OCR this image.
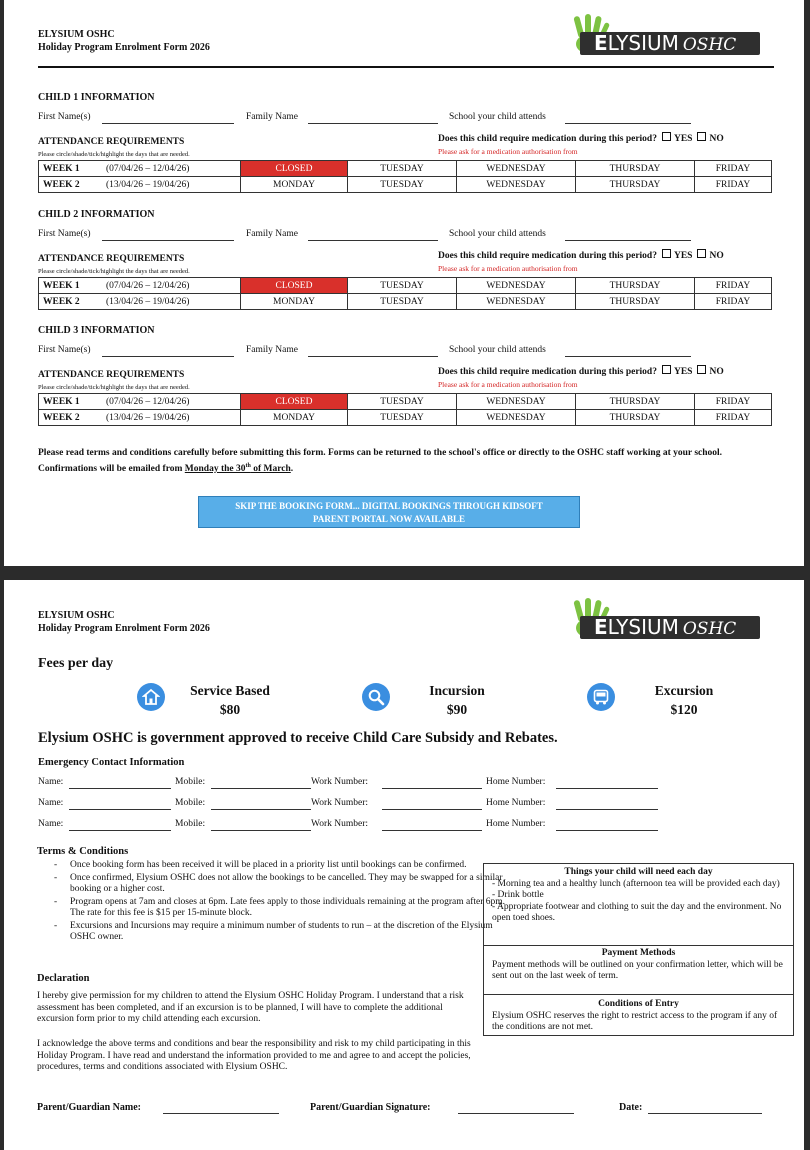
ELYSIUM OSHC
Holiday Program Enrolment Form 2026	ELYSIUM OSHC
CHILD 1 INFORMATION
First Name(s)	Family Name	School your child attends
ATTENDANCE REQUIREMENTS
Please circle/shade/tick/highlight the days that are needed.
Does this child require medication during this period? YES NO
Please ask for a medication authorisation from
WEEK 1	(07/04/26 – 12/04/26)	CLOSED	TUESDAY	WEDNESDAY	THURSDAY	FRIDAY
WEEK 2	(13/04/26 – 19/04/26)	MONDAY	TUESDAY	WEDNESDAY	THURSDAY	FRIDAY
CHILD 2 INFORMATION
First Name(s)	Family Name	School your child attends
ATTENDANCE REQUIREMENTS
Please circle/shade/tick/highlight the days that are needed.
Does this child require medication during this period? YES NO
Please ask for a medication authorisation from
WEEK 1	(07/04/26 – 12/04/26)	CLOSED	TUESDAY	WEDNESDAY	THURSDAY	FRIDAY
WEEK 2	(13/04/26 – 19/04/26)	MONDAY	TUESDAY	WEDNESDAY	THURSDAY	FRIDAY
CHILD 3 INFORMATION
First Name(s)	Family Name	School your child attends
ATTENDANCE REQUIREMENTS
Please circle/shade/tick/highlight the days that are needed.
Does this child require medication during this period? YES NO
Please ask for a medication authorisation from
WEEK 1	(07/04/26 – 12/04/26)	CLOSED	TUESDAY	WEDNESDAY	THURSDAY	FRIDAY
WEEK 2	(13/04/26 – 19/04/26)	MONDAY	TUESDAY	WEDNESDAY	THURSDAY	FRIDAY
Please read terms and conditions carefully before submitting this form. Forms can be returned to the school's office or directly to the OSHC staff working at your school. Confirmations will be emailed from Monday the 30th of March.
SKIP THE BOOKING FORM... DIGITAL BOOKINGS THROUGH KIDSOFT
PARENT PORTAL NOW AVAILABLE
ELYSIUM OSHC
Holiday Program Enrolment Form 2026	ELYSIUM OSHC
Fees per day
Service Based
$80
Incursion
$90
Excursion
$120
Elysium OSHC is government approved to receive Child Care Subsidy and Rebates.
Emergency Contact Information
Name:	Mobile:	Work Number:	Home Number:
Name:	Mobile:	Work Number:	Home Number:
Name:	Mobile:	Work Number:	Home Number:
Terms & Conditions
- Once booking form has been received it will be placed in a priority list until bookings can be confirmed.
- Once confirmed, Elysium OSHC does not allow the bookings to be cancelled. They may be swapped for a similar booking or a higher cost.
- Program opens at 7am and closes at 6pm. Late fees apply to those individuals remaining at the program after 6pm. The rate for this fee is $15 per 15-minute block.
- Excursions and Incursions may require a minimum number of students to run – at the discretion of the Elysium OSHC owner.
Declaration
I hereby give permission for my children to attend the Elysium OSHC Holiday Program. I understand that a risk assessment has been completed, and if an excursion is to be planned, I will have to complete the additional excursion form prior to my child attending each excursion.
I acknowledge the above terms and conditions and bear the responsibility and risk to my child participating in this Holiday Program. I have read and understand the information provided to me and agree to and accept the policies, procedures, terms and conditions associated with Elysium OSHC.
Parent/Guardian Name:	Parent/Guardian Signature:	Date:
Things your child will need each day
- Morning tea and a healthy lunch (afternoon tea will be provided each day)
- Drink bottle
- Appropriate footwear and clothing to suit the day and the environment. No open toed shoes.
Payment Methods
Payment methods will be outlined on your confirmation letter, which will be sent out on the last week of term.
Conditions of Entry
Elysium OSHC reserves the right to restrict access to the program if any of the conditions are not met.
